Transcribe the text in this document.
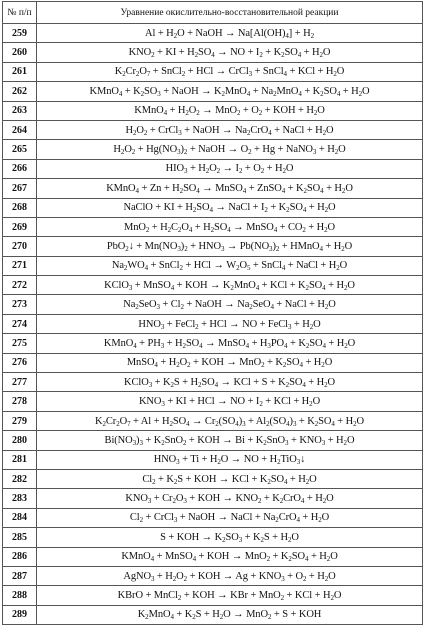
№ п/п	Уравнение окислительно-восстановительной реакции
259	$Al + H_2O$ + NaOH → $Na[Al(OH)_4] + H_2$
260	$KNO_2$ + KI + $H_2SO_4$ → NO + $I_2 + K_2SO_4 + H_2O$
261	$K_2Cr_2O_7$ + SnCl$_2$ + HCl → CrCl$_3$ + SnCl$_4$ + KCl + $H_2O$
262	KMnO$_4$ + $K_2SO_3$ + NaOH → $K_2MnO_4 + Na_2MnO_4 + K_2SO_4 + H_2O$
263	KMnO$_4$ + $H_2O_2 \to MnO_2 + O_2$ + KOH + $H_2O$
264	$H_2O_2$ + CrCl$_3$ + NaOH → $Na_2CrO_4$ + NaCl + $H_2O$
265	$H_2O_2 + Hg(NO_3)_2$ + NaOH → $O_2 + Hg$ + NaNO$_3$ + $H_2O$
266	$HIO_3 + H_2O_2 \to I_2 + O_2 + H_2O$
267	KMnO$_4$ + $Zn + H_2SO_4$ → MnSO$_4$ + ZnSO$_4$ + $K_2SO_4 + H_2O$
268	NaClO + KI + $H_2SO_4$ → NaCl + $I_2 + K_2SO_4 + H_2O$
269	$MnO_2 + H_2C_2O_4 + H_2SO_4$ → MnSO$_4$ + $CO_2 + H_2O$
270	PbO$_2$↓ + $Mn(NO_3)_2 + HNO_3 \to Pb(NO_3)_2$ + HMnO$_4$ + $H_2O$
271	$Na_2WO_4$ + SnCl$_2$ + HCl → $W_2O_5$ + SnCl$_4$ + NaCl + $H_2O$
272	KClO$_3$ + MnSO$_4$ + KOH → $K_2MnO_4$ + KCl + $K_2SO_4 + H_2O$
273	$Na_2SeO_3 + Cl_2$ + NaOH → $Na_2SeO_4$ + NaCl + $H_2O$
274	$HNO_3$ + FeCl$_2$ + HCl → NO + FeCl$_3$ + $H_2O$
275	KMnO$_4$ + $PH_3 + H_2SO_4$ → MnSO$_4$ + $H_3PO_4 + K_2SO_4 + H_2O$
276	MnSO$_4$ + $H_2O_2$ + KOH → $MnO_2 + K_2SO_4 + H_2O$
277	KClO$_3$ + $K_2S + H_2SO_4$ → KCl + $S + K_2SO_4 + H_2O$
278	$KNO_3$ + KI + HCl → NO + $I_2$ + KCl + $H_2O$
279	$K_2Cr_2O_7 + Al + H_2SO_4 \to Cr_2(SO_4)_3 + Al_2(SO_4)_3 + K_2SO_4 + H_2O$
280	$Bi(NO_3)_3 + K_2SnO_2$ + KOH → $Bi + K_2SnO_3 + KNO_3 + H_2O$
281	$HNO_3 + Ti + H_2O$ → NO + $H_2TiO_3↓$
282	$Cl_2 + K_2S$ + KOH → KCl + $K_2SO_4 + H_2O$
283	$KNO_3 + Cr_2O_3$ + KOH → $KNO_2 + K_2CrO_4 + H_2O$
284	$Cl_2$ + CrCl$_3$ + NaOH → NaCl + $Na_2CrO_4 + H_2O$
285	S + KOH → $K_2SO_3 + K_2S + H_2O$
286	KMnO$_4$ + MnSO$_4$ + KOH → $MnO_2 + K_2SO_4 + H_2O$
287	AgNO$_3$ + $H_2O_2$ + KOH → $Ag + KNO_3 + O_2 + H_2O$
288	KBrO + MnCl$_2$ + KOH → KBr + MnO$_2$ + KCl + $H_2O$
289	$K_2MnO_4 + K_2S + H_2O \to MnO_2 + S$ + KOH
